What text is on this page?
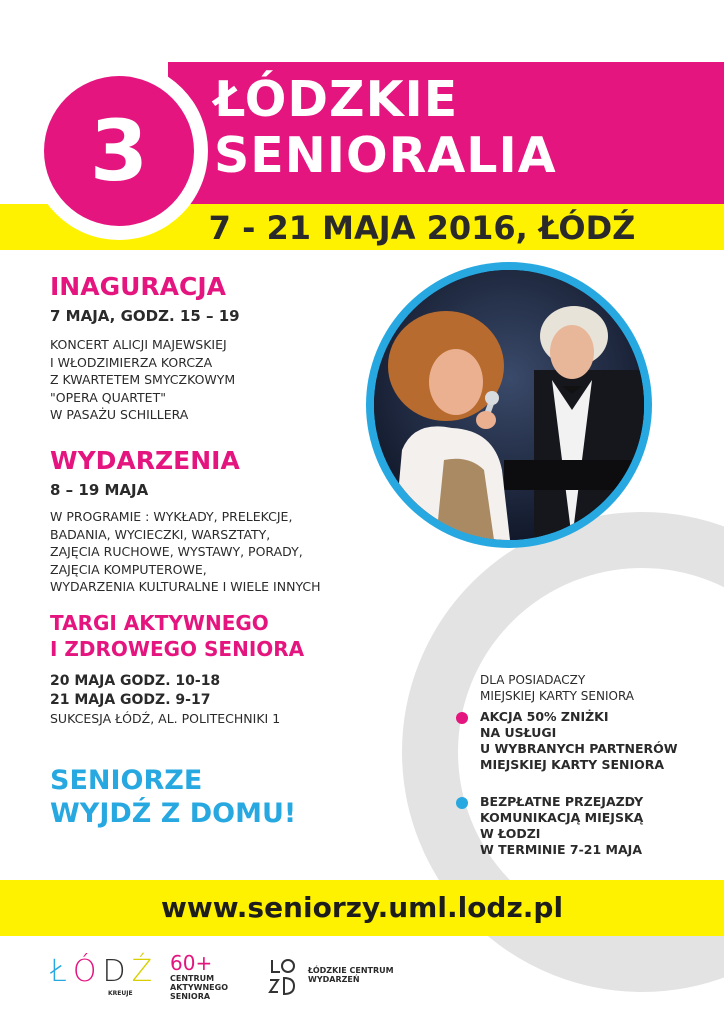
3
ŁÓDZKIE
SENIORALIA
7 - 21 MAJA 2016, ŁÓDŹ
INAGURACJA
7 MAJA, GODZ. 15 – 19
KONCERT ALICJI MAJEWSKIEJ
I WŁODZIMIERZA KORCZA
Z KWARTETEM SMYCZKOWYM
"OPERA QUARTET"
W PASAŻU SCHILLERA
WYDARZENIA
8 – 19 MAJA
W PROGRAMIE : WYKŁADY, PRELEKCJE,
BADANIA, WYCIECZKI, WARSZTATY,
ZAJĘCIA RUCHOWE, WYSTAWY, PORADY,
ZAJĘCIA KOMPUTEROWE,
WYDARZENIA KULTURALNE I WIELE INNYCH
TARGI AKTYWNEGO
I ZDROWEGO SENIORA
20 MAJA GODZ. 10-18
21 MAJA GODZ. 9-17
SUKCESJA ŁÓDŹ, AL. POLITECHNIKI 1
SENIORZE
WYJDŹ Z DOMU!
DLA POSIADACZY
MIEJSKIEJ KARTY SENIORA
AKCJA 50% ZNIŻKI
NA USŁUGI
U WYBRANYCH PARTNERÓW
MIEJSKIEJ KARTY SENIORA
BEZPŁATNE PRZEJAZDY
KOMUNIKACJĄ MIEJSKĄ
W ŁODZI
W TERMINIE 7-21 MAJA
www.seniorzy.uml.lodz.pl
ŁÓDŹ
KREUJE
60+
CENTRUM
AKTYWNEGO
SENIORA
ŁÓDZKIE CENTRUM
WYDARZEŃ
